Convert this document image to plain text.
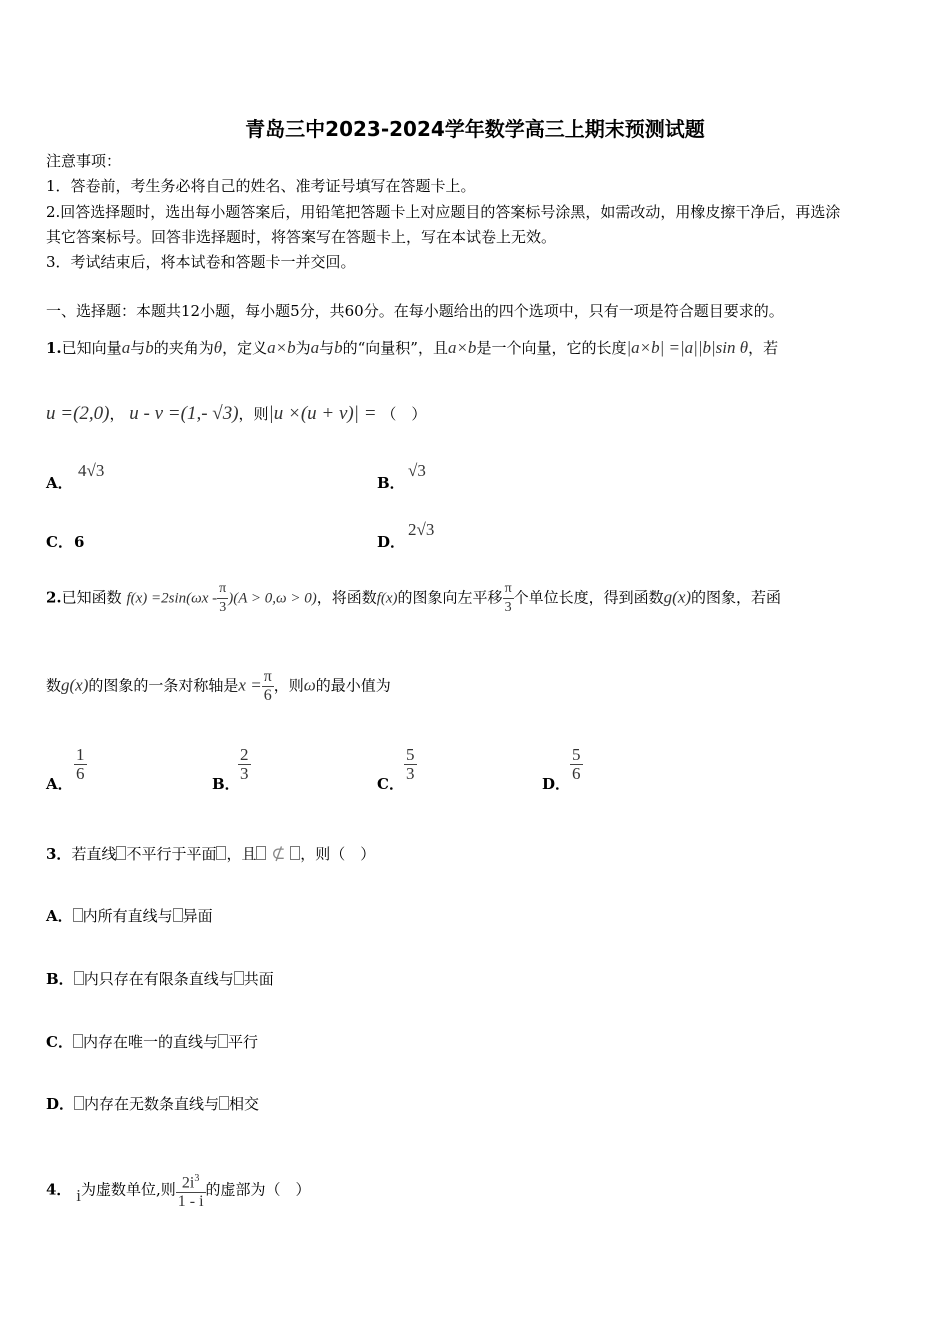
青岛三中2023-2024学年数学高三上期末预测试题
注意事项：
1．答卷前，考生务必将自己的姓名、准考证号填写在答题卡上。
2.回答选择题时，选出每小题答案后，用铅笔把答题卡上对应题目的答案标号涂黑，如需改动，用橡皮擦干净后，再选涂
其它答案标号。回答非选择题时，将答案写在答题卡上，写在本试卷上无效。
3．考试结束后，将本试卷和答题卡一并交回。
一、选择题：本题共12小题，每小题5分，共60分。在每小题给出的四个选项中，只有一项是符合题目要求的。
1.已知向量a与b的夹角为θ，定义a×b为a与b的“向量积”，且a×b是一个向量，它的长度|a×b| =|a||b|sin θ，若
u =(2,0)， u - v =(1,- √3)，则|u ×(u + v)| = （　）
A．
4√3
B．
√3
C． 6	D．
2√3
2.已知函数 $f(x) =2\sin(\omega x - \frac{\pi}{3} )(A > 0,\omega > 0)$，将函数f(x)的图象向左平移 $\frac{\pi}{3}$ 个单位长度，得到函数g(x)的图象，若函
数g(x)的图象的一条对称轴是$x = \frac{\pi}{6}$ ，则ω的最小值为
A．
$\frac{1}{6}$
B．
$\frac{2}{3}$
C．
$\frac{5}{3}$
D．
$\frac{5}{6}$
3．若直线 不平行于平面 ，且 ⊄ ，则（　）
A． 内所有直线与 异面
B． 内只存在有限条直线与 共面
C． 内存在唯一的直线与 平行
D． 内存在无数条直线与 相交
4． i为虚数单位,则 $\frac{2i^3}{1 - i}$ 的虚部为（　）
